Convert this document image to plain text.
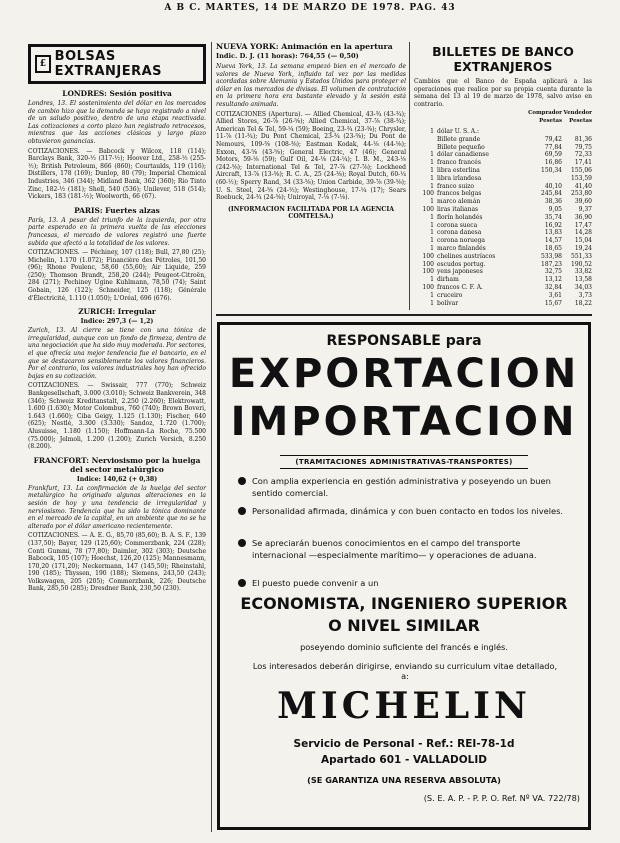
A B C. MARTES, 14 DE MARZO DE 1978. PAG. 43
£ BOLSAS EXTRANJERAS
LONDRES: Sesión positiva

Londres, 13. El sostenimiento del dólar en los mercados de cambio hizo que la demanda se haya registrado a nivel de un saludo positivo, dentro de una etapa reactivada. Las cotizaciones a corto plazo han registrado retrocesos, mientras que las acciones clásicas y largo plazo obtuvieron ganancias.

COTIZACIONES. — Babcock y Wilcox, 118 (114); Barclays Bank, 320-½ (317-½); Hoover Ltd., 258-½ (255-½); British Petroleum, 866 (860); Courtaulds, 119 (116); Distillers, 178 (169); Dunlop, 80 (79); Imperial Chemical Industries, 346 (344); Midland Bank, 362 (360); Rio Tinto Zinc, 182-½ (181); Shell, 540 (536); Unilever, 518 (514); Vickers, 183 (181-½); Woolworth, 66 (67).

PARIS: Fuertes alzas

París, 13. A pesar del triunfo de la izquierda, por otra parte esperado en la primera vuelta de las elecciones francesas, el mercado de valores registró una fuerte subida que afectó a la totalidad de los valores.

COTIZACIONES. — Péchiney, 107 (118); Bull, 27,80 (25); Michelin, 1.170 (1.072); Financière des Pétroles, 101,50 (96); Rhone Poulenc, 58,60 (55,60); Air Liquide, 259 (250); Thomson Brandt, 258,20 (244); Peugeot-Citroën, 284 (271); Pechiney Ugine Kuhlmann, 78,50 (74); Saint Gobain, 126 (122); Schneider, 125 (118); Générale d'Électricité, 1.110 (1.050); L'Oréal, 696 (676).

ZURICH: Irregular
Indice: 297,3 (— 1,2)

Zurich, 13. Al cierre se tiene con una tónica de irregularidad, aunque con un fondo de firmeza, dentro de una negociación que ha sido muy moderada. Por sectores, el que ofrecía una mejor tendencia fue el bancario, en el que se destacaron sensiblemente los valores financieros. Por el contrario, los valores industriales hoy han ofrecido bajas en su cotización.

COTIZACIONES. — Swissair, 777 (770); Schweiz Bankgesellschaft, 3.000 (3.010); Schweiz Bankverein, 348 (346); Schweiz Kreditanstalt, 2.250 (2.260); Elektrowatt, 1.600 (1.630); Motor Colombus, 760 (740); Brown Boveri, 1.643 (1.660); Ciba Geigy, 1.125 (1.130); Fischer, 640 (625); Nestlé, 3.300 (3.330); Sandoz, 1.720 (1.700); Alusuisse, 1.180 (1.150); Hoffmann-La Roche, 75.500 (75.000); Jelmoli, 1.200 (1.200); Zurich Versich, 8.250 (8.200).

FRANCFORT: Nerviosismo por la huelga del sector metalúrgico
Indice: 140,62 (+ 0,38)

Frankfurt, 13. La confirmación de la huelga del sector metalúrgico ha originado algunas alteraciones en la sesión de hoy y una tendencia de irregularidad y nerviosismo. Tendencia que ha sido la tónica dominante en el mercado de la capital, en un ambiente que no se ha alterado por el dólar americano recientemente.

COTIZACIONES. — A. E. G., 85,70 (85,60); B. A. S. F., 139 (137,50); Bayer, 129 (125,60); Commerzbank, 224 (228); Conti Gummi, 78 (77,80); Daimler, 302 (303); Deutsche Babcock, 105 (107); Hoechst, 126,20 (125); Mannesmann, 170,20 (171,20); Neckermann, 147 (145,50); Rheinstahl, 190 (185); Thyssen, 190 (188); Siemens, 243,50 (243); Volkswagen, 205 (205); Commerzbank, 226; Deutsche Bank, 285,50 (285); Dresdner Bank, 230,50 (230).

NUEVA YORK: Animación en la apertura
Indic. D. J. (11 horas): 764,55 (— 0,50)

Nueva York, 13. La semana empezó bien en el mercado de valores de Nueva York, influido tal vez por las medidas acordadas sobre Alemania y Estados Unidos para proteger el dólar en los mercados de divisas. El volumen de contratación en la primera hora era bastante elevado y la sesión está resultando animada.

COTIZACIONES (Apertura). — Allied Chemical, 43-¾ (43-¾); Allied Stores, 26-⅞ (26-⅝); Allied Chemical, 37-⅞ (38-¾); American Tel & Tel, 59-¼ (59); Boeing, 23-¾ (23-⅜); Chrysler, 11-⅞ (11-¾); Du Pont Chemical, 23-¾ (23-⅜); Du Pont de Nemours, 109-⅜ (108-⅜); Eastman Kodak, 44-⅛ (44-⅛); Exxon, 43-⅝ (43-⅝); General Electric, 47 (46); General Motors, 59-⅛ (59); Gulf Oil, 24-⅛ (24-¼); I. B. M., 243-⅛ (242-⅝); International Tel & Tel, 27-⅞ (27-⅞); Lockheed Aircraft, 13-⅞ (13-⅝); R. C. A., 25 (24-⅜); Royal Dutch, 60-¼ (60-½); Sperry Rand, 34 (33-⅝); Union Carbide, 39-⅞ (39-⅝); U. S. Steel, 24-⅝ (24-½); Westinghouse, 17-¼ (17); Sears Roebuck, 24-¾ (24-⅝); Uniroyal, 7-⅛ (7-⅛).

(INFORMACION FACILITADA POR LA AGENCIA COMTELSA.)
BILLETES DE BANCO EXTRANJEROS

Cambios que el Banco de España aplicará a las operaciones que realice por su propia cuenta durante la semana del 13 al 19 de marzo de 1978, salvo aviso en contrario.

		Comprador Pesetas	Vendedor Pesetas
1	dólar U. S. A.:		
	Billete grande	79,42	81,36
	Billete pequeño	77,84	79,75
1	dólar canadiense	69,59	72,33
1	franco francés	16,86	17,41
1	libra esterlina	150,34	155,06
1	libra irlandesa		153,59
1	franco suizo	40,10	41,40
100	francos belgas	245,84	253,80
1	marco alemán	38,36	39,60
100	liras italianas	9,05	9,37
1	florín holandés	35,74	36,90
1	corona sueca	16,92	17,47
1	corona danesa	13,83	14,28
1	corona noruega	14,57	15,04
1	marco finlandés	18,65	19,24
100	chelines austríacos	533,98	551,33
100	escudos portug.	187,23	190,52
100	yens japoneses	32,75	33,82
1	dirham	13,12	13,58
100	francos C. F. A.	32,84	34,03
1	cruceiro	3,61	3,73
1	bolívar	15,67	18,22
RESPONSABLE para
EXPORTACION
IMPORTACION
(TRAMITACIONES ADMINISTRATIVAS-TRANSPORTES)
Con amplia experiencia en gestión administrativa y poseyendo un buen sentido comercial.
Personalidad afirmada, dinámica y con buen contacto en todos los niveles.
Se apreciarán buenos conocimientos en el campo del transporte internacional —especialmente marítimo— y operaciones de aduana.
El puesto puede convenir a un
ECONOMISTA, INGENIERO SUPERIOR
O NIVEL SIMILAR
poseyendo dominio suficiente del francés e inglés.
Los interesados deberán dirigirse, enviando su curriculum vitae detallado, a:
MICHELIN
Servicio de Personal - Ref.: REI-78-1d
Apartado 601 - VALLADOLID
(SE GARANTIZA UNA RESERVA ABSOLUTA)
(S. E. A. P. - P. P. O. Ref. Nº VA. 722/78)
